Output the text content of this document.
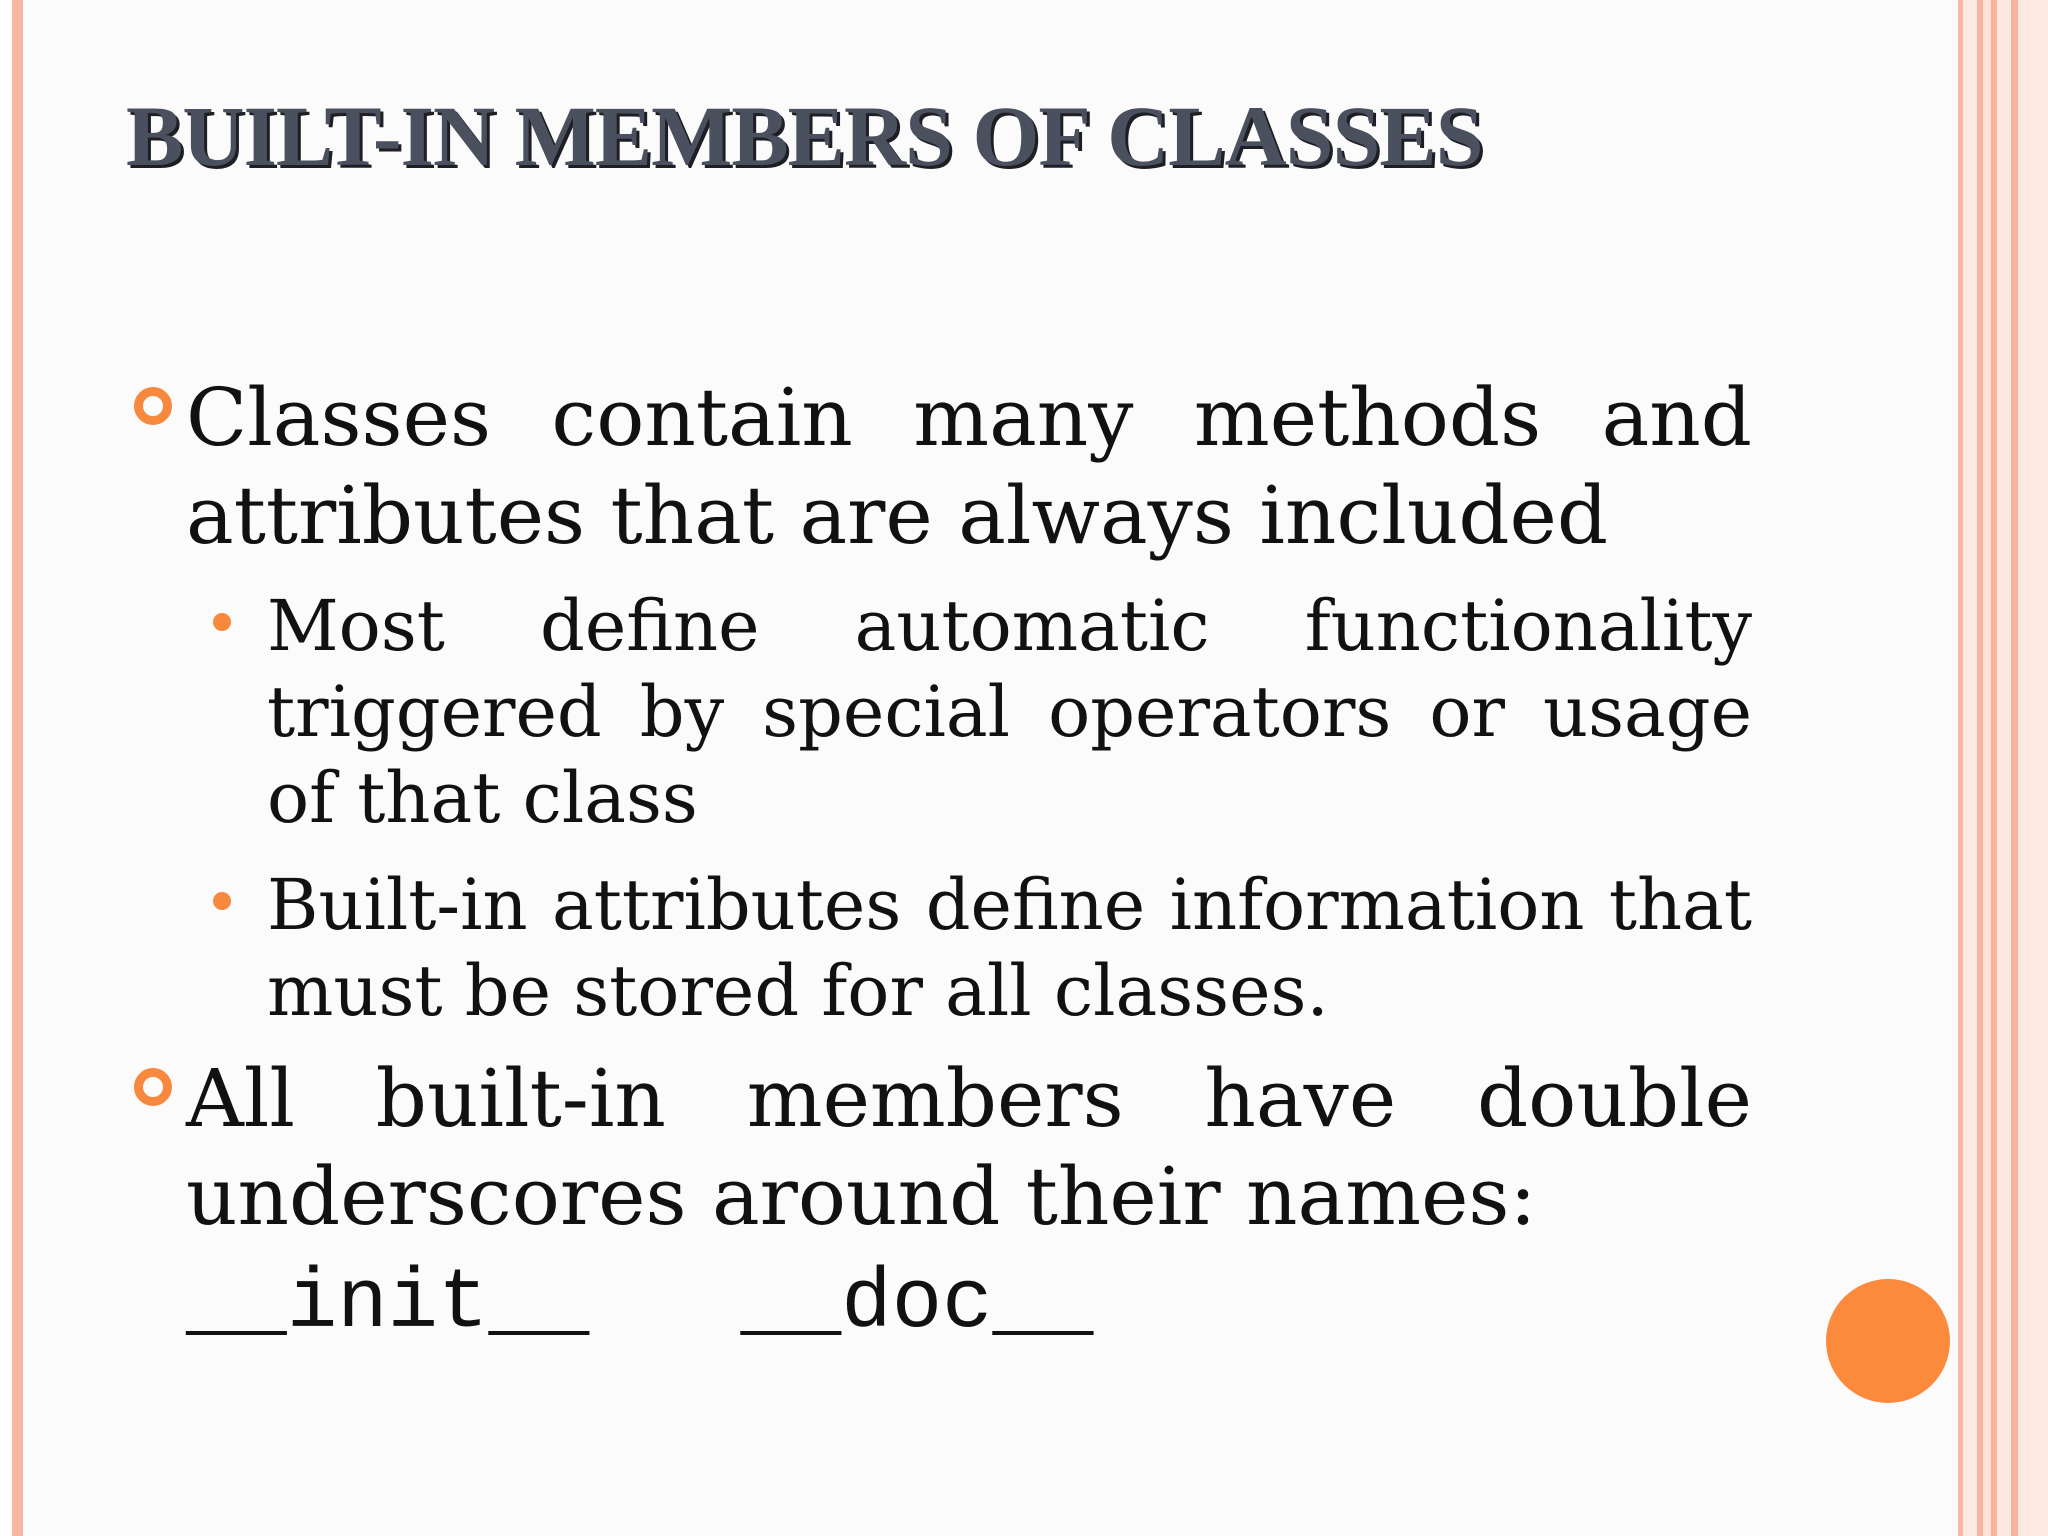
BUILT-IN MEMBERS OF CLASSES
Classes contain many methods and attributes that are always included
Most define automatic functionality triggered by special operators or usage of that class
Built-in attributes define information that must be stored for all classes.
All built-in members have double underscores around their names:
__init__   __doc__
